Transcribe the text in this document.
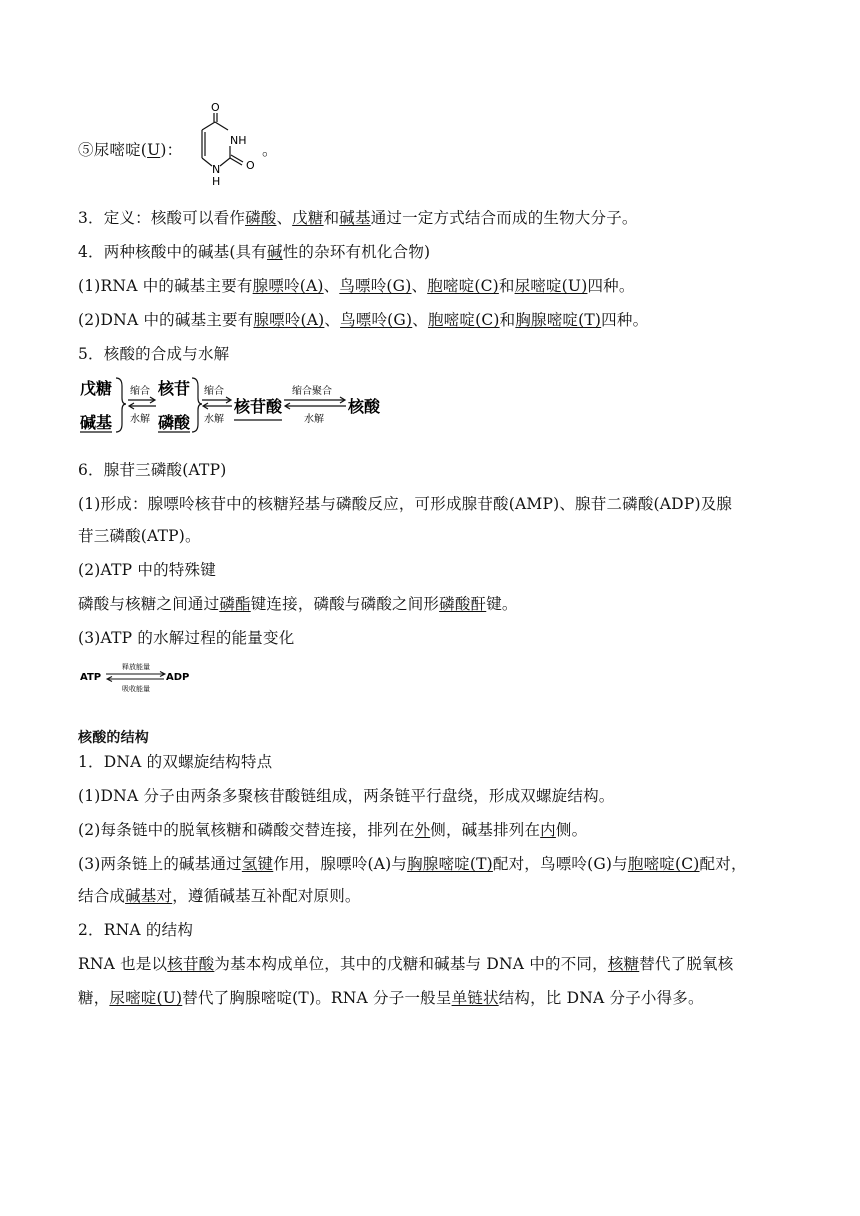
⑤尿嘧啶(U)：
O
NH
N
H
O
。
3．定义：核酸可以看作磷酸、戊糖和碱基通过一定方式结合而成的生物大分子。
4．两种核酸中的碱基(具有碱性的杂环有机化合物)
(1)RNA 中的碱基主要有腺嘌呤(A)、鸟嘌呤(G)、胞嘧啶(C)和尿嘧啶(U)四种。
(2)DNA 中的碱基主要有腺嘌呤(A)、鸟嘌呤(G)、胞嘧啶(C)和胸腺嘧啶(T)四种。
5．核酸的合成与水解
戊糖
碱基
核苷
磷酸
核苷酸	核酸
缩合
水解
缩合
水解
缩合聚合
水解
6．腺苷三磷酸(ATP)
(1)形成：腺嘌呤核苷中的核糖羟基与磷酸反应，可形成腺苷酸(AMP)、腺苷二磷酸(ADP)及腺
苷三磷酸(ATP)。
(2)ATP 中的特殊键
磷酸与核糖之间通过磷酯键连接，磷酸与磷酸之间形磷酸酐键。
(3)ATP 的水解过程的能量变化
ATP	ADP
释放能量
吸收能量
核酸的结构
1．DNA 的双螺旋结构特点
(1)DNA 分子由两条多聚核苷酸链组成，两条链平行盘绕，形成双螺旋结构。
(2)每条链中的脱氧核糖和磷酸交替连接，排列在外侧，碱基排列在内侧。
(3)两条链上的碱基通过氢键作用，腺嘌呤(A)与胸腺嘧啶(T)配对，鸟嘌呤(G)与胞嘧啶(C)配对，
结合成碱基对，遵循碱基互补配对原则。
2．RNA 的结构
RNA 也是以核苷酸为基本构成单位，其中的戊糖和碱基与 DNA 中的不同，核糖替代了脱氧核
糖，尿嘧啶(U)替代了胸腺嘧啶(T)。RNA 分子一般呈单链状结构，比 DNA 分子小得多。
